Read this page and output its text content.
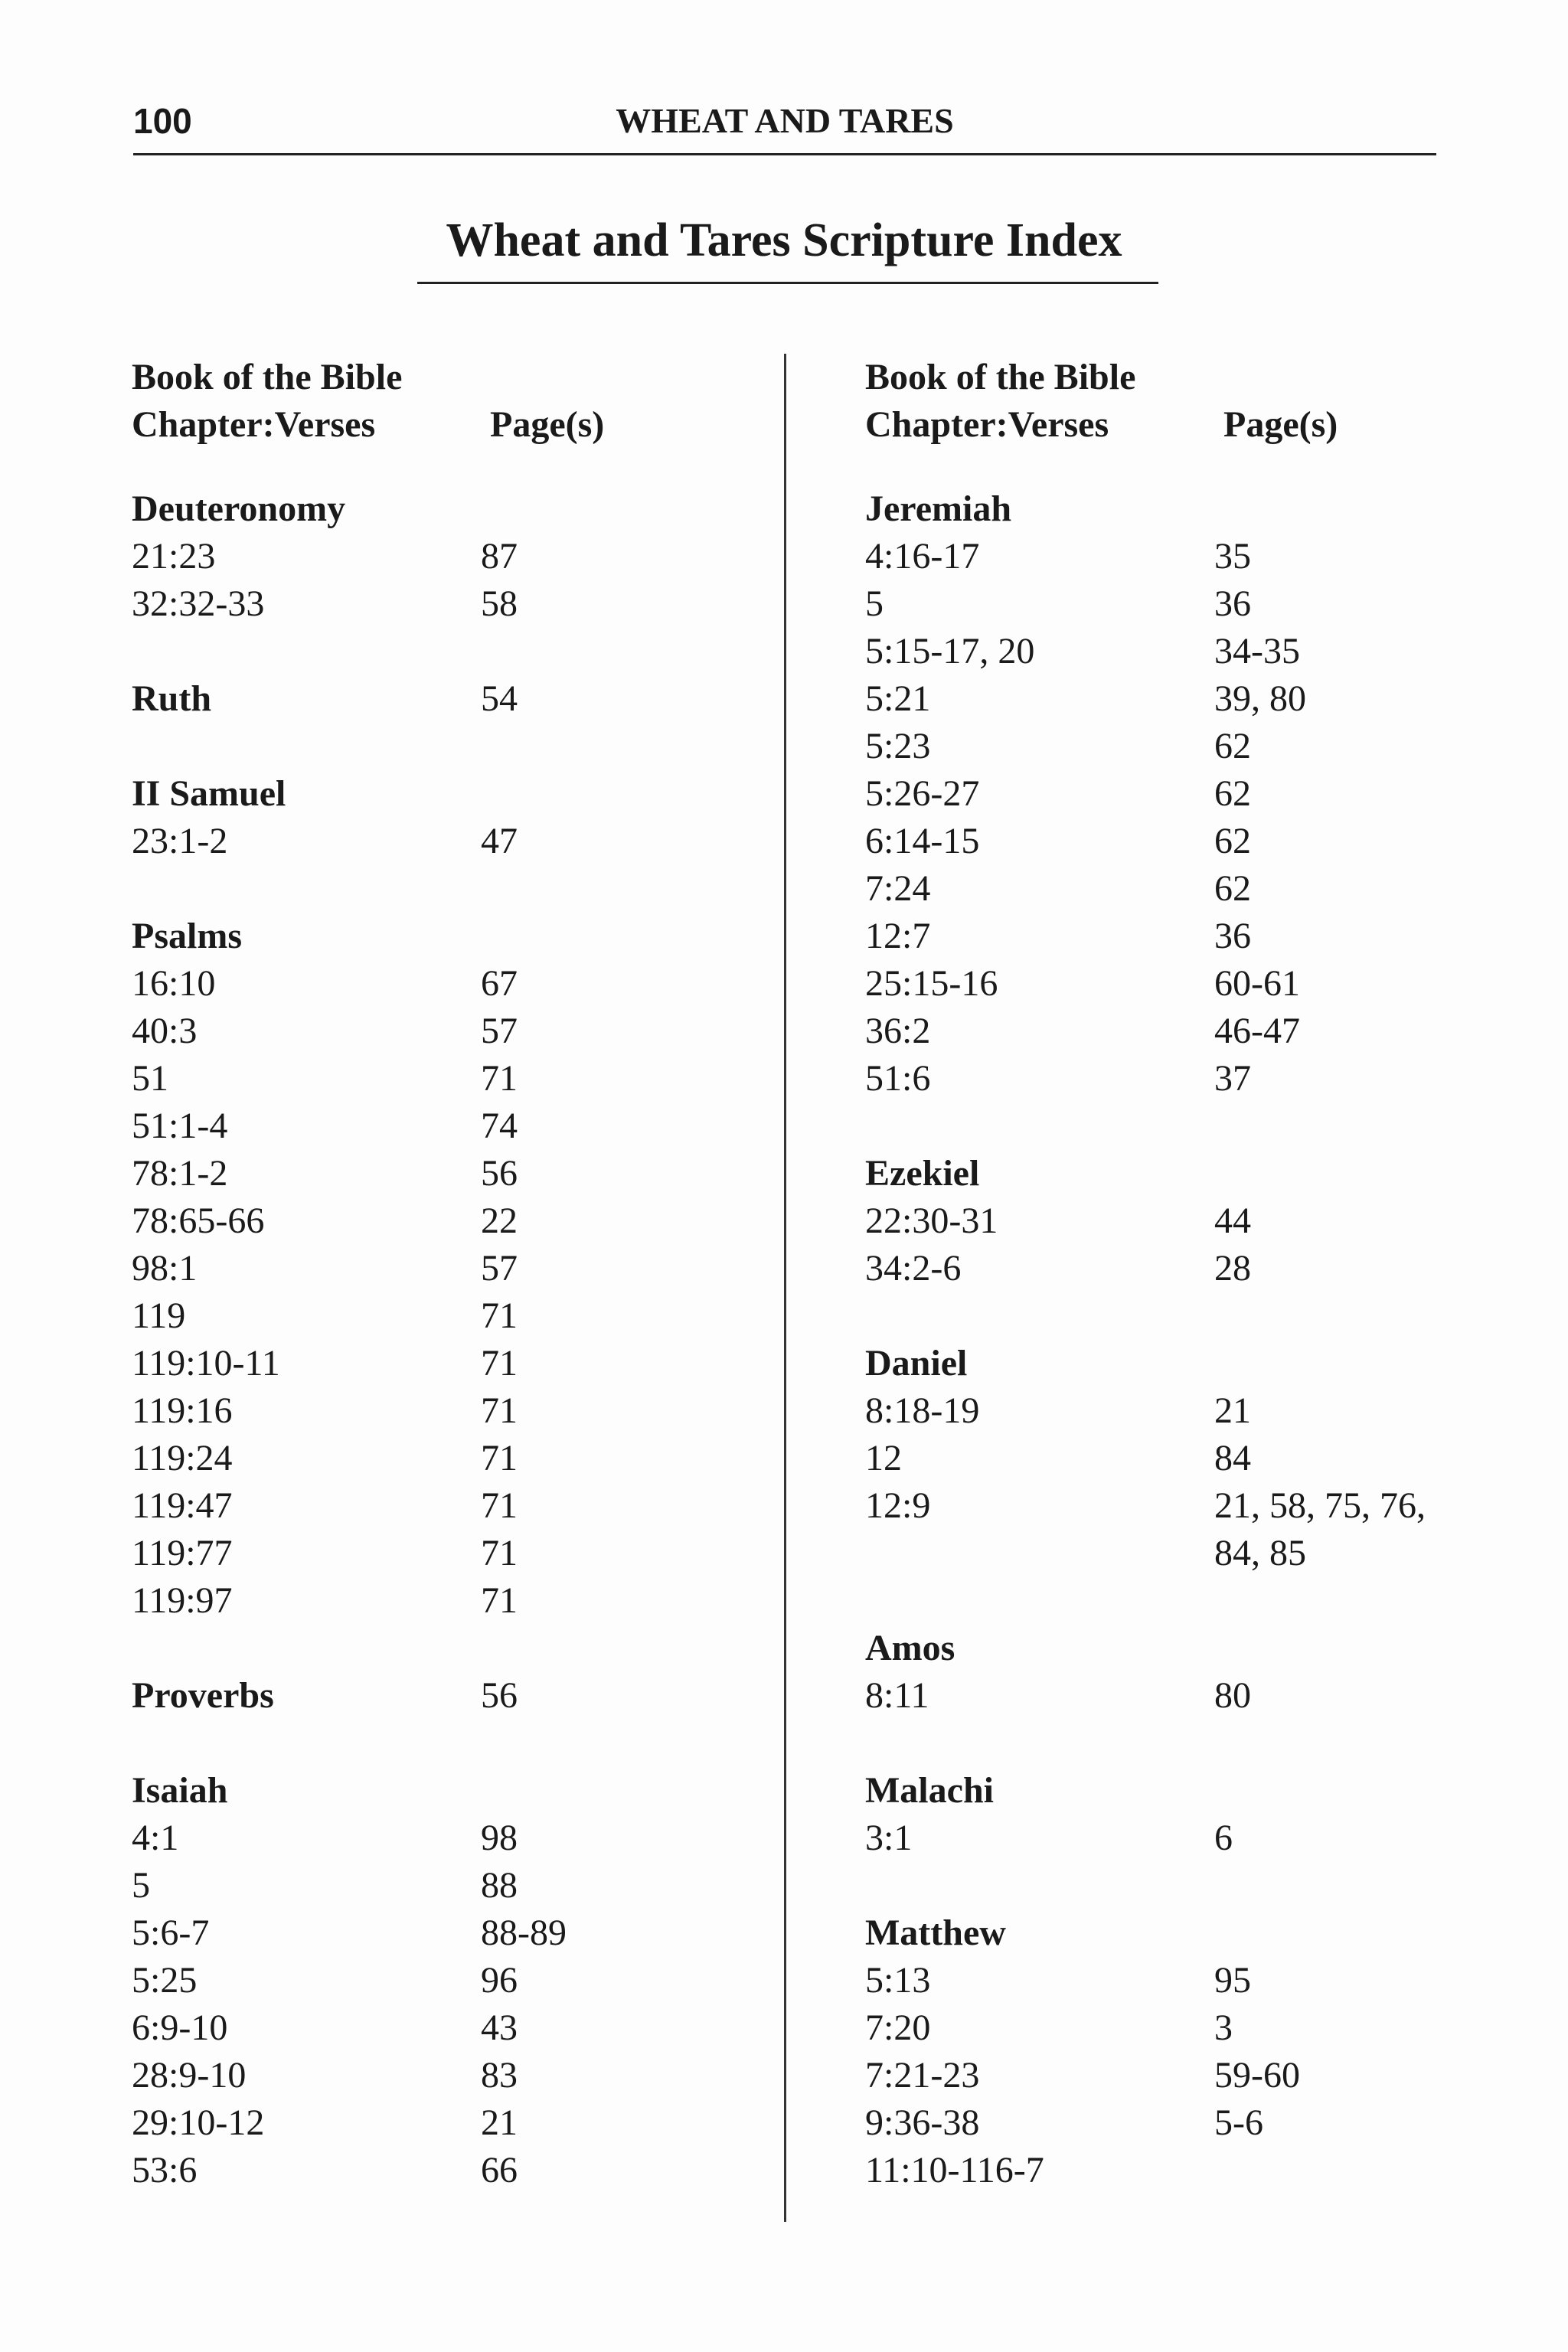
100	WHEAT AND TARES
Wheat and Tares Scripture Index
Book of the Bible
Chapter:Verses	Page(s)
Deuteronomy
21:23	87
32:32-33	58
Ruth	54
II Samuel
23:1-2	47
Psalms
16:10	67
40:3	57
51	71
51:1-4	74
78:1-2	56
78:65-66	22
98:1	57
119	71
119:10-11	71
119:16	71
119:24	71
119:47	71
119:77	71
119:97	71
Proverbs	56
Isaiah
4:1	98
5	88
5:6-7	88-89
5:25	96
6:9-10	43
28:9-10	83
29:10-12	21
53:6	66
Book of the Bible
Chapter:Verses	Page(s)
Jeremiah
4:16-17	35
5	36
5:15-17, 20	34-35
5:21	39, 80
5:23	62
5:26-27	62
6:14-15	62
7:24	62
12:7	36
25:15-16	60-61
36:2	46-47
51:6	37
Ezekiel
22:30-31	44
34:2-6	28
Daniel
8:18-19	21
12	84
12:9	21, 58, 75, 76, 84, 85
Amos
8:11	80
Malachi
3:1	6
Matthew
5:13	95
7:20	3
7:21-23	59-60
9:36-38	5-6
11:10-116-7
